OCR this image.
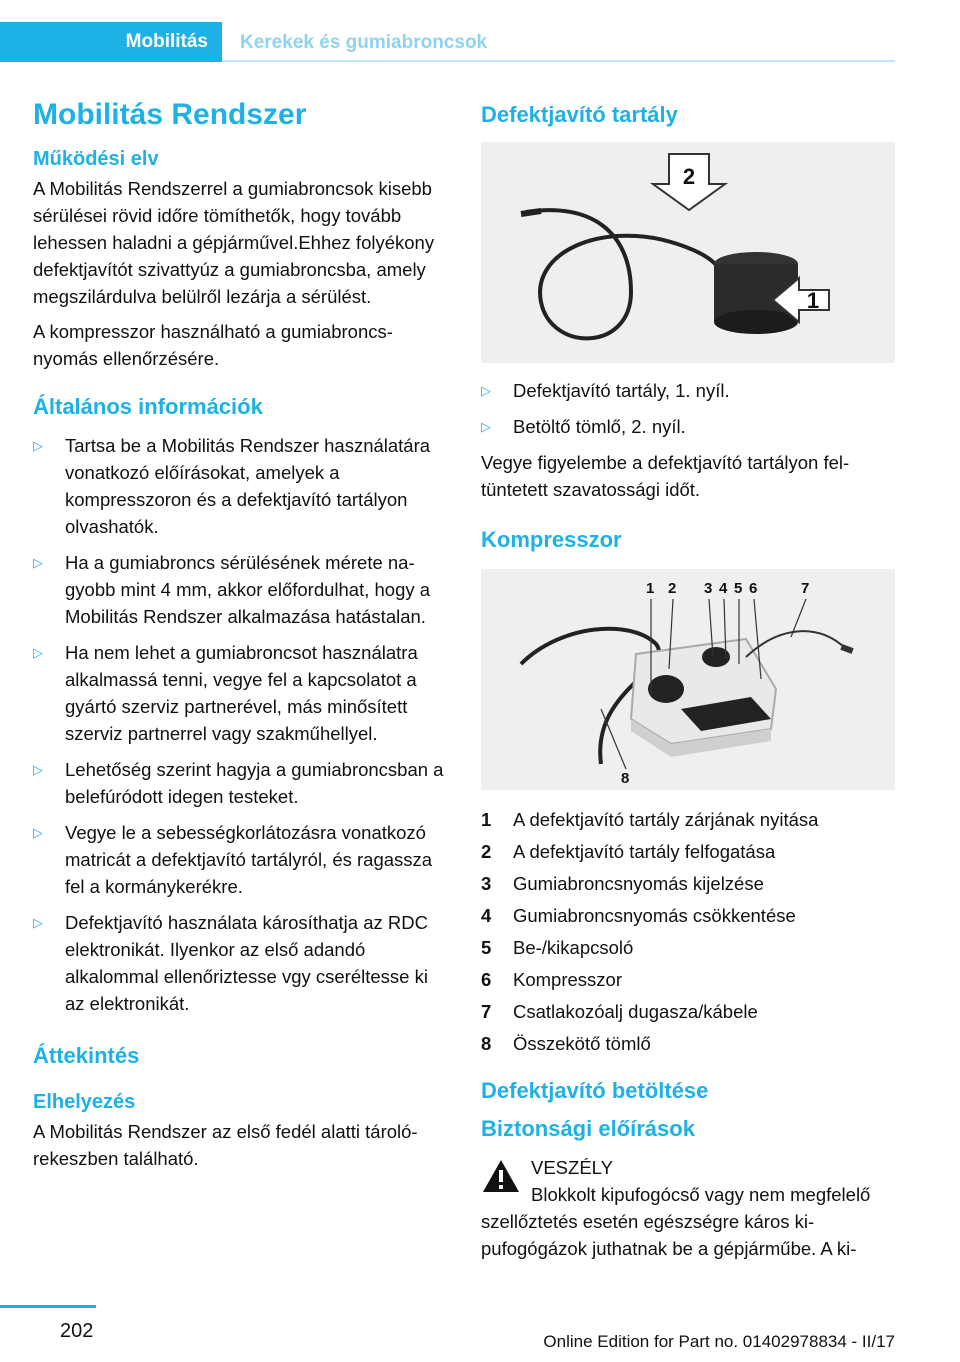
Mobilitás Kerekek és gumiabroncsok
Mobilitás Rendszer
Működési elv

A Mobilitás Rendszerrel a gumiabroncsok kisebb sérülései rövid időre tömíthetők, hogy tovább lehessen haladni a gépjárművel.Ehhez folyékony defektjavítót szivattyúz a gumiabroncsba, amely megszilárdulva belülről lezárja a sérülést.

A kompresszor használható a gumiabroncsnyomás ellenőrzésére.

Általános információk
▷ Tartsa be a Mobilitás Rendszer használatára vonatkozó előírásokat, amelyek a kompresszoron és a defektjavító tartályon olvashatók.
▷ Ha a gumiabroncs sérülésének mérete nagyobb mint 4 mm, akkor előfordulhat, hogy a Mobilitás Rendszer alkalmazása hatástalan.
▷ Ha nem lehet a gumiabroncsot használatra alkalmassá tenni, vegye fel a kapcsolatot a gyártó szerviz partnerével, más minősített szerviz partnerrel vagy szakműhellyel.
▷ Lehetőség szerint hagyja a gumiabroncsban a belefúródott idegen testeket.
▷ Vegye le a sebességkorlátozásra vonatkozó matricát a defektjavító tartályról, és ragassza fel a kormánykerékre.
▷ Defektjavító használata károsíthatja az RDC elektronikát. Ilyenkor az első adandó alkalommal ellenőriztesse vgy cseréltesse ki az elektronikát.
Áttekintés
Elhelyezés

A Mobilitás Rendszer az első fedél alatti tárolórekeszben található.

Defektjavító tartály
2
1
▷ Defektjavító tartály, 1. nyíl.
▷ Betöltő tömlő, 2. nyíl.

Vegye figyelembe a defektjavító tartályon feltüntetett szavatossági időt.

Kompresszor
1 2 3 4 5 6	7
8
1	A defektjavító tartály zárjának nyitása
2	A defektjavító tartály felfogatása
3	Gumiabroncsnyomás kijelzése
4	Gumiabroncsnyomás csökkentése
5	Be-/kikapcsoló
6	Kompresszor
7	Csatlakozóalj dugasza/kábele
8	Összekötő tömlő
Defektjavító betöltése
Biztonsági előírások

VESZÉLY

Blokkolt kipufogócső vagy nem megfelelő szellőztetés esetén egészségre káros kipufogógázok juthatnak be a gépjárműbe. A ki-

202	Online Edition for Part no. 01402978834 - II/17
